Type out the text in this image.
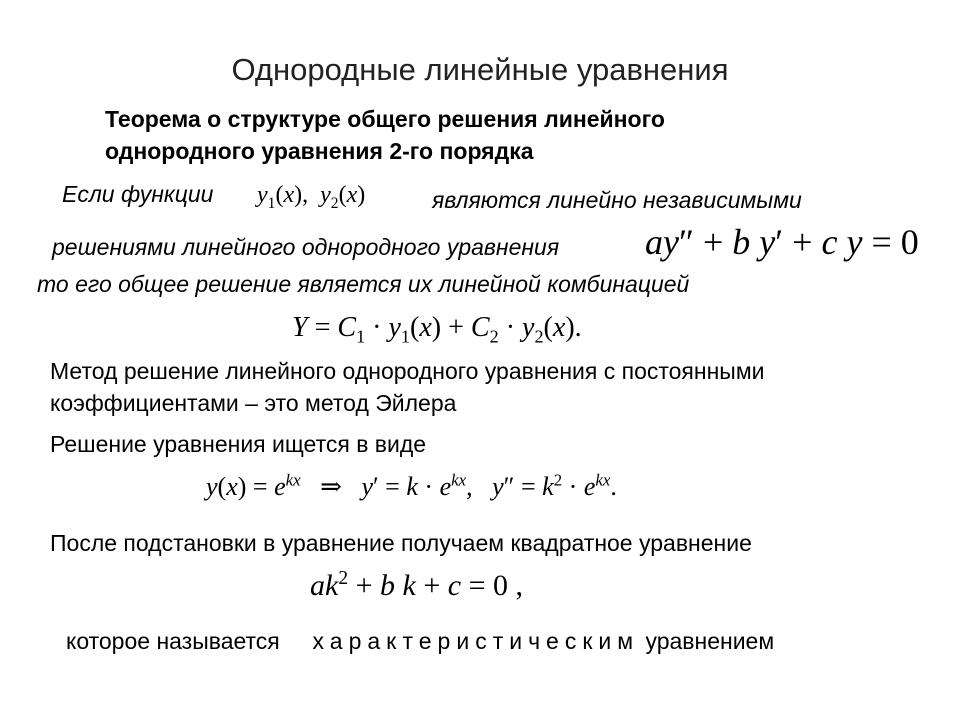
Однородные линейные уравнения
Теорема о структуре общего решения линейного
однородного уравнения 2-го порядка
Если функции $y_1(x)$,  $y_2(x)$	являются линейно независимыми
решениями линейного однородного уравнения ay″ + b y′ + c y = 0
то его общее решение является их линейной комбинацией
$Y = C_1 \cdot y_1(x) + C_2 \cdot y_2(x)$.
Метод решение линейного однородного уравнения с постоянными
коэффициентами – это метод Эйлера
Решение уравнения ищется в виде
$y(x) = e^{kx}$ ⇒   $y' = k \cdot e^{kx}$,   $y'' = k^2 \cdot e^{kx}$.
После подстановки в уравнение получаем квадратное уравнение
$ak^2 + b$ k + c = 0 ,
которое называется характеристическим уравнением
